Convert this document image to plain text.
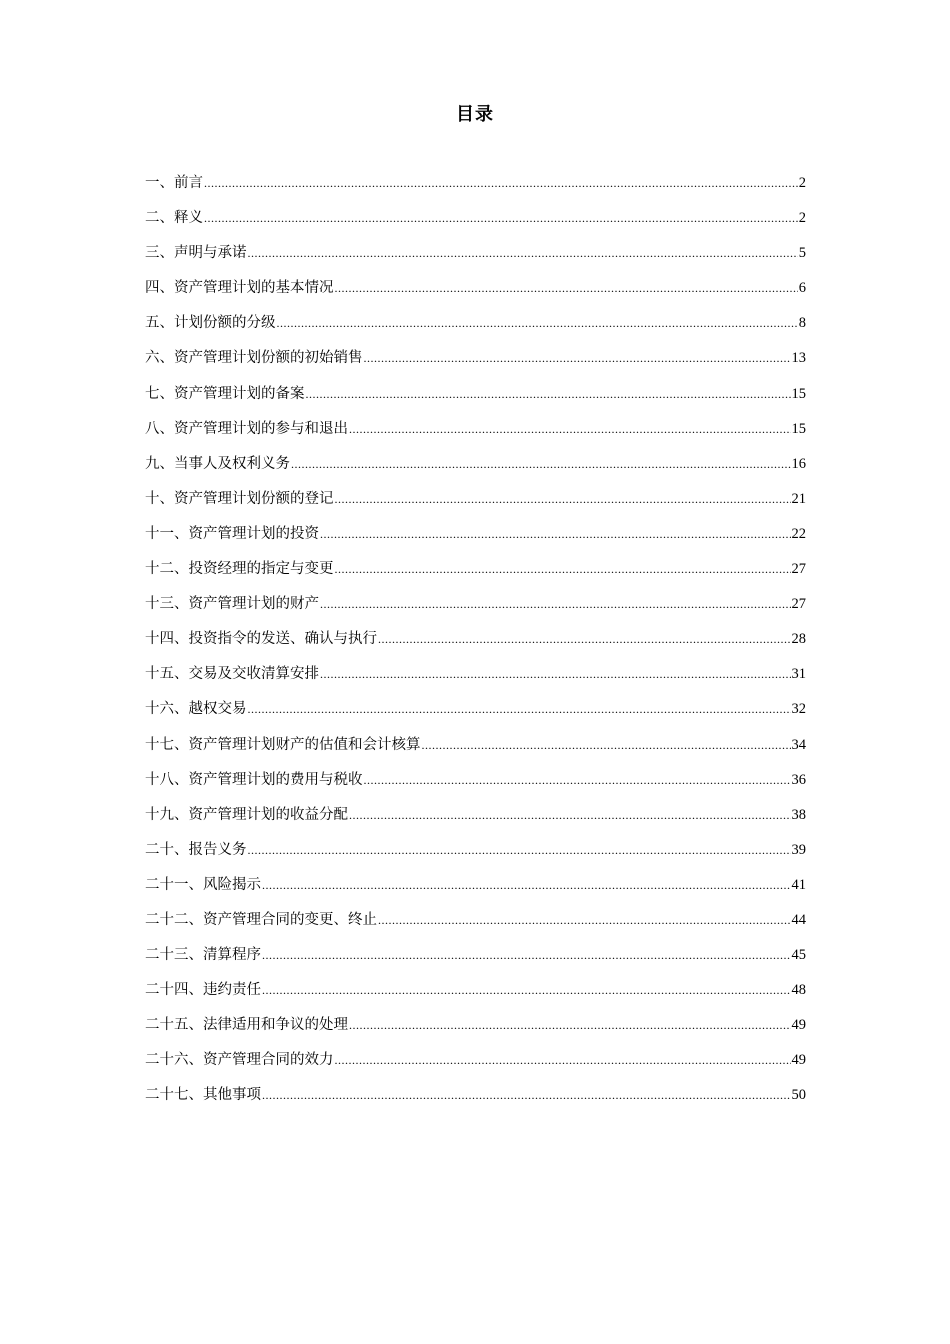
目录
一、前言 .....	2
二、释义 .....	2
三、声明与承诺 .....	5
四、资产管理计划的基本情况 .....	6
五、计划份额的分级 .....	8
六、资产管理计划份额的初始销售 .....	13
七、资产管理计划的备案 .....	15
八、资产管理计划的参与和退出 .....	15
九、当事人及权利义务 .....	16
十、资产管理计划份额的登记 .....	21
十一、资产管理计划的投资 .....	22
十二、投资经理的指定与变更 .....	27
十三、资产管理计划的财产 .....	27
十四、投资指令的发送、确认与执行 .....	28
十五、交易及交收清算安排 .....	31
十六、越权交易 .....	32
十七、资产管理计划财产的估值和会计核算 .....	34
十八、资产管理计划的费用与税收 .....	36
十九、资产管理计划的收益分配 .....	38
二十、报告义务 .....	39
二十一、风险揭示 .....	41
二十二、资产管理合同的变更、终止 .....	44
二十三、清算程序 .....	45
二十四、违约责任 .....	48
二十五、法律适用和争议的处理 .....	49
二十六、资产管理合同的效力 .....	49
二十七、其他事项 .....	50
